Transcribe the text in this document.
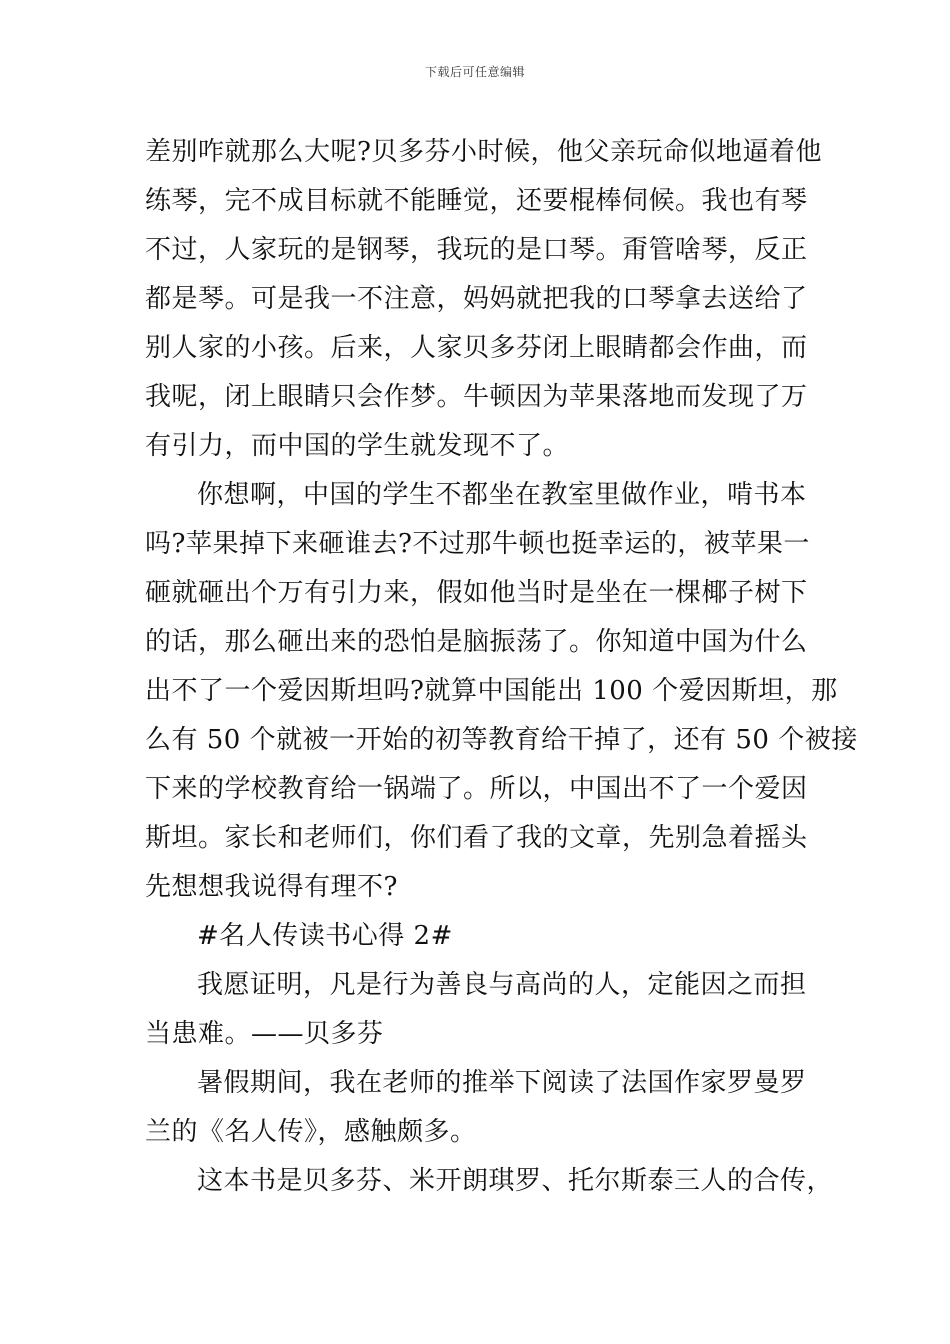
下载后可任意编辑
差别咋就那么大呢?贝多芬小时候，他父亲玩命似地逼着他
练琴，完不成目标就不能睡觉，还要棍棒伺候。我也有琴
不过，人家玩的是钢琴，我玩的是口琴。甭管啥琴，反正
都是琴。可是我一不注意，妈妈就把我的口琴拿去送给了
别人家的小孩。后来，人家贝多芬闭上眼睛都会作曲，而
我呢，闭上眼睛只会作梦。牛顿因为苹果落地而发现了万
有引力，而中国的学生就发现不了。
你想啊，中国的学生不都坐在教室里做作业，啃书本
吗?苹果掉下来砸谁去?不过那牛顿也挺幸运的，被苹果一
砸就砸出个万有引力来，假如他当时是坐在一棵椰子树下
的话，那么砸出来的恐怕是脑振荡了。你知道中国为什么
出不了一个爱因斯坦吗?就算中国能出 100 个爱因斯坦，那
么有 50 个就被一开始的初等教育给干掉了，还有 50 个被接
下来的学校教育给一锅端了。所以，中国出不了一个爱因
斯坦。家长和老师们，你们看了我的文章，先别急着摇头
先想想我说得有理不?
#名人传读书心得 2#
我愿证明，凡是行为善良与高尚的人，定能因之而担
当患难。——贝多芬
暑假期间，我在老师的推举下阅读了法国作家罗曼罗
兰的《名人传》，感触颇多。
这本书是贝多芬、米开朗琪罗、托尔斯泰三人的合传，
